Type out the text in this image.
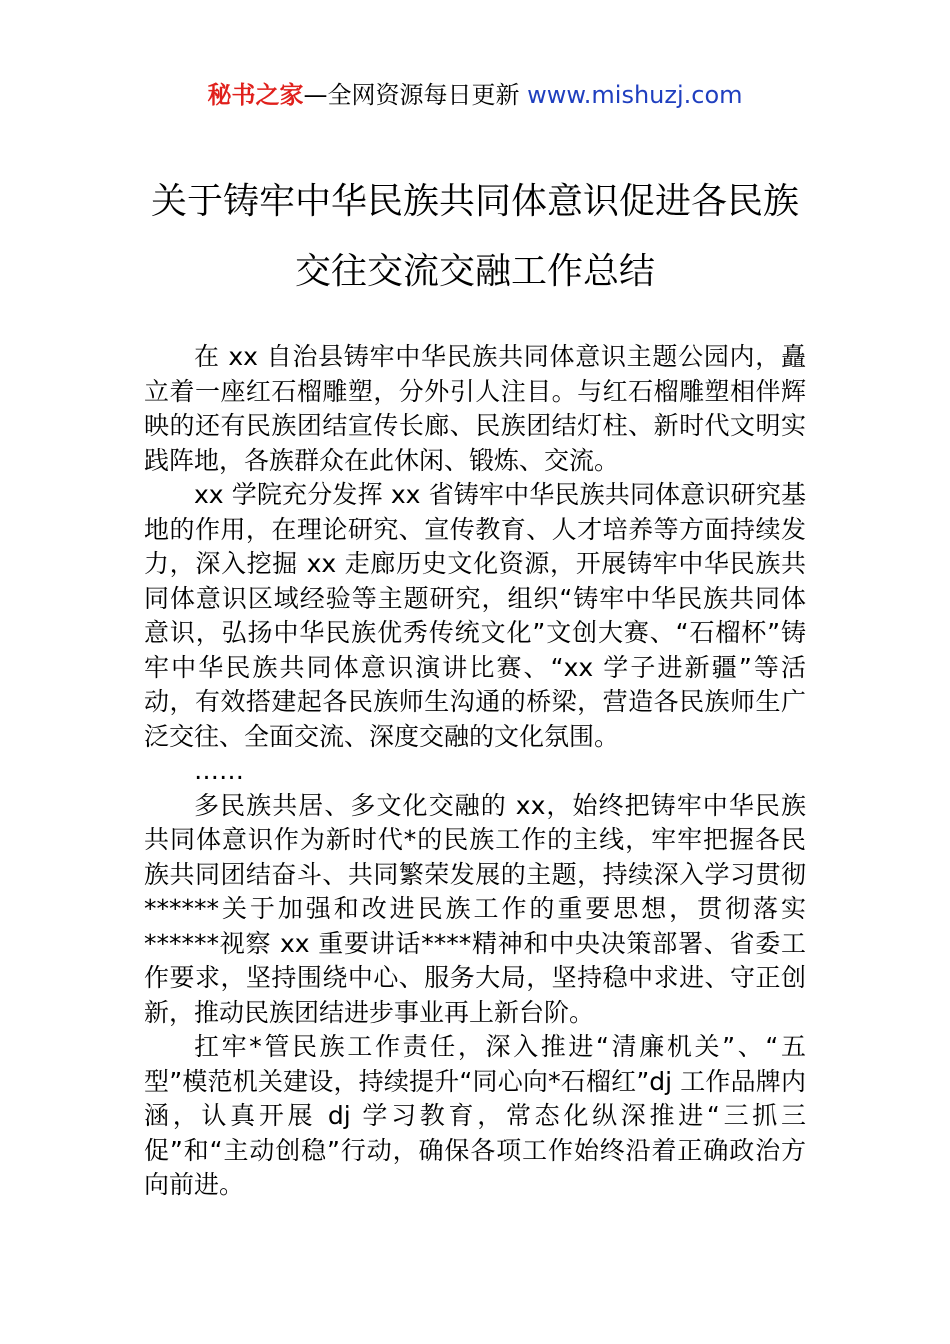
秘书之家—全网资源每日更新 www.mishuzj.com
关于铸牢中华民族共同体意识促进各民族
交往交流交融工作总结

在 xx 自治县铸牢中华民族共同体意识主题公园内，矗立着一座红石榴雕塑，分外引人注目。与红石榴雕塑相伴辉映的还有民族团结宣传长廊、民族团结灯柱、新时代文明实践阵地，各族群众在此休闲、锻炼、交流。

xx 学院充分发挥 xx 省铸牢中华民族共同体意识研究基地的作用，在理论研究、宣传教育、人才培养等方面持续发力，深入挖掘 xx 走廊历史文化资源，开展铸牢中华民族共同体意识区域经验等主题研究，组织“铸牢中华民族共同体意识，弘扬中华民族优秀传统文化”文创大赛、“石榴杯”铸牢中华民族共同体意识演讲比赛、“xx 学子进新疆”等活动，有效搭建起各民族师生沟通的桥梁，营造各民族师生广泛交往、全面交流、深度交融的文化氛围。

……

多民族共居、多文化交融的 xx，始终把铸牢中华民族共同体意识作为新时代*的民族工作的主线，牢牢把握各民族共同团结奋斗、共同繁荣发展的主题，持续深入学习贯彻******关于加强和改进民族工作的重要思想，贯彻落实******视察 xx 重要讲话****精神和中央决策部署、省委工作要求，坚持围绕中心、服务大局，坚持稳中求进、守正创新，推动民族团结进步事业再上新台阶。

扛牢*管民族工作责任，深入推进“清廉机关”、“五型”模范机关建设，持续提升“同心向*石榴红”dj 工作品牌内涵，认真开展 dj 学习教育，常态化纵深推进“三抓三促”和“主动创稳”行动，确保各项工作始终沿着正确政治方向前进。
